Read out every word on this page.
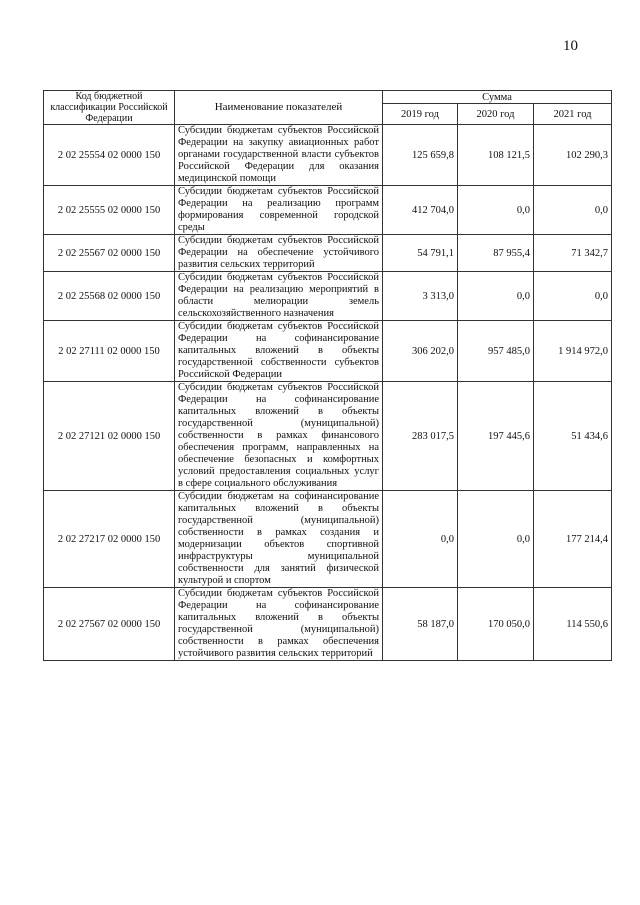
10
Код бюджетной классификации Российской Федерации	Наименование показателей	Сумма		
		2019 год	2020 год	2021 год
2 02 25554 02 0000 150	Субсидии бюджетам субъектов Российской Федерации на закупку авиационных работ органами государственной власти субъектов Российской Федерации для оказания медицинской помощи	125 659,8	108 121,5	102 290,3
2 02 25555 02 0000 150	Субсидии бюджетам субъектов Российской Федерации на реализацию программ формирования современной городской среды	412 704,0	0,0	0,0
2 02 25567 02 0000 150	Субсидии бюджетам субъектов Российской Федерации на обеспечение устойчивого развития сельских территорий	54 791,1	87 955,4	71 342,7
2 02 25568 02 0000 150	Субсидии бюджетам субъектов Российской Федерации на реализацию мероприятий в области мелиорации земель сельскохозяйственного назначения	3 313,0	0,0	0,0
2 02 27111 02 0000 150	Субсидии бюджетам субъектов Российской Федерации на софинансирование капитальных вложений в объекты государственной собственности субъектов Российской Федерации	306 202,0	957 485,0	1 914 972,0
2 02 27121 02 0000 150	Субсидии бюджетам субъектов Российской Федерации на софинансирование капитальных вложений в объекты государственной (муниципальной) собственности в рамках финансового обеспечения программ, направленных на обеспечение безопасных и комфортных условий предоставления социальных услуг в сфере социального обслуживания	283 017,5	197 445,6	51 434,6
2 02 27217 02 0000 150	Субсидии бюджетам на софинансирование капитальных вложений в объекты государственной (муниципальной) собственности в рамках создания и модернизации объектов спортивной инфраструктуры муниципальной собственности для занятий физической культурой и спортом	0,0	0,0	177 214,4
2 02 27567 02 0000 150	Субсидии бюджетам субъектов Российской Федерации на софинансирование капитальных вложений в объекты государственной (муниципальной) собственности в рамках обеспечения устойчивого развития сельских территорий	58 187,0	170 050,0	114 550,6
